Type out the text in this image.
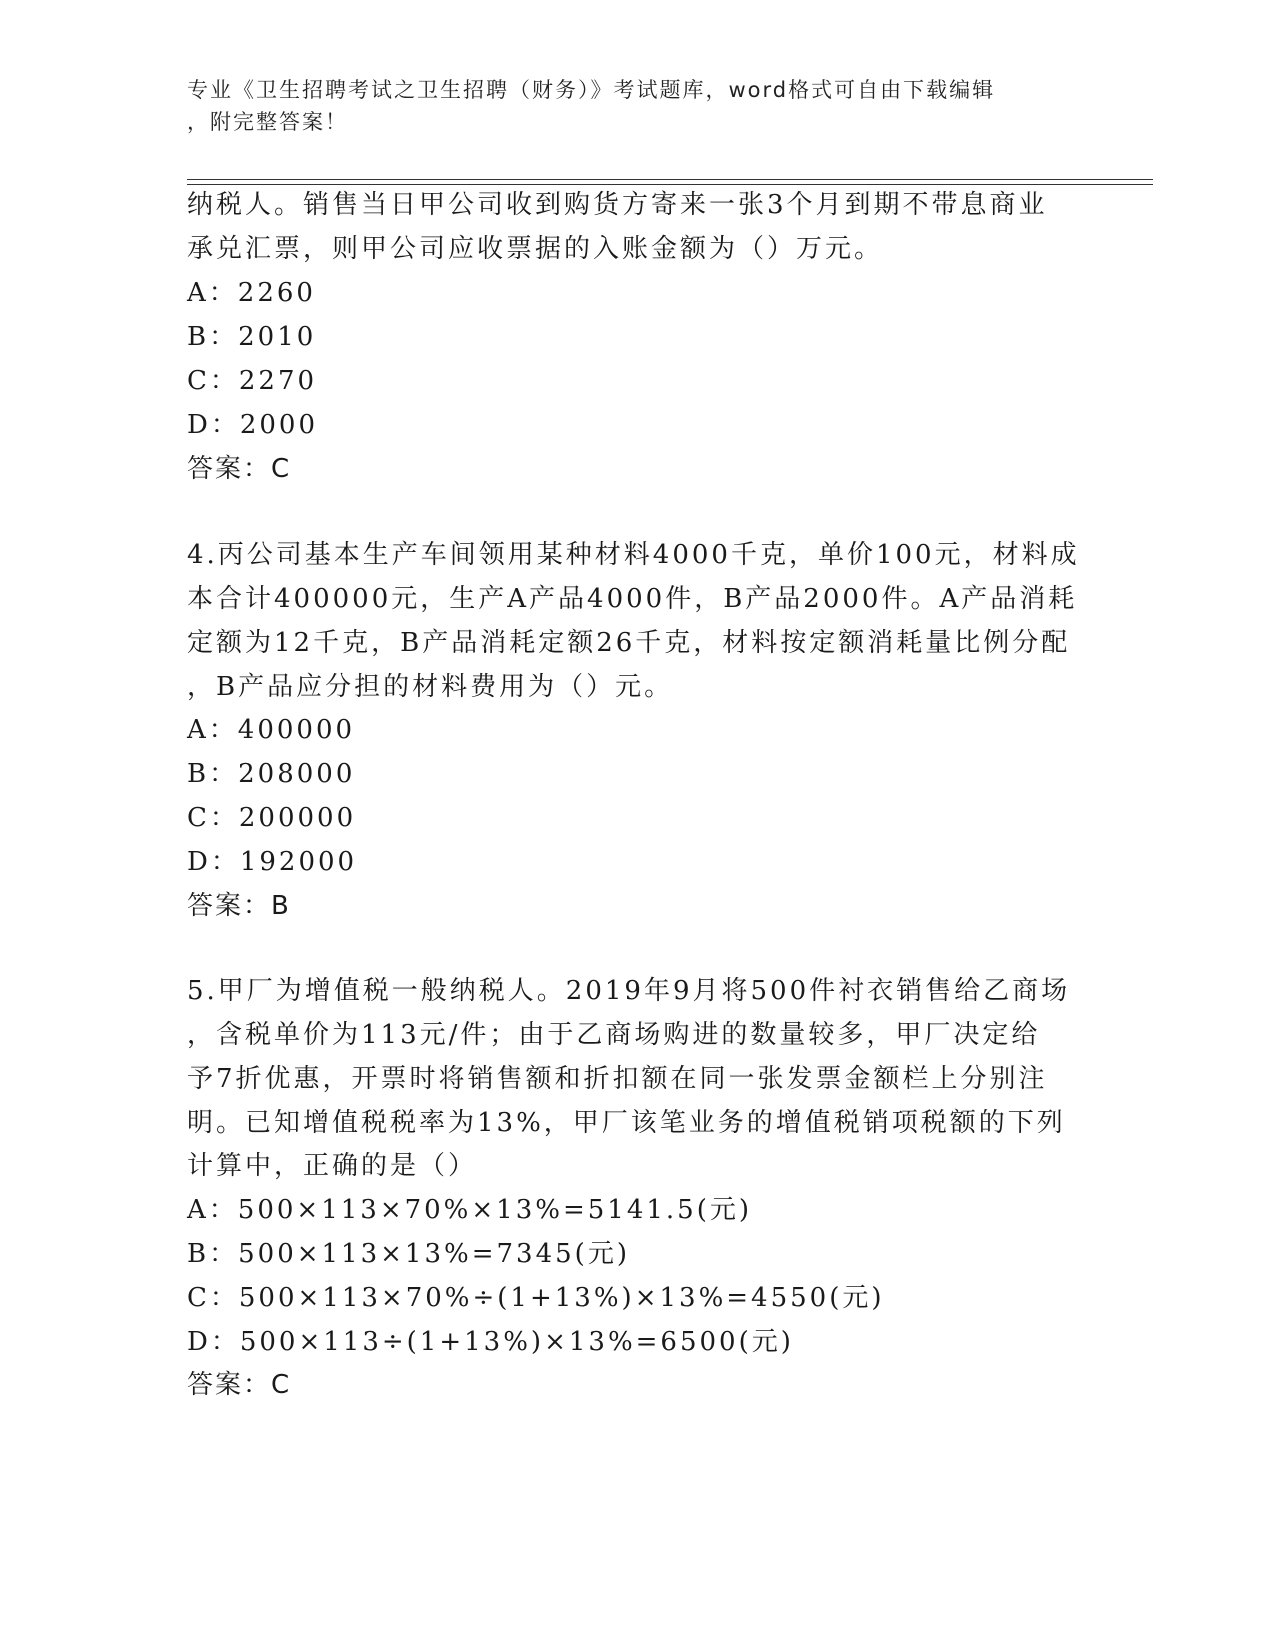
专业《卫生招聘考试之卫生招聘（财务）》考试题库，word格式可自由下载编辑
，附完整答案！
纳税人。销售当日甲公司收到购货方寄来一张3个月到期不带息商业
承兑汇票，则甲公司应收票据的入账金额为（）万元。
A：2260
B：2010
C：2270
D：2000
答案：C
4.丙公司基本生产车间领用某种材料4000千克，单价100元，材料成
本合计400000元，生产A产品4000件，B产品2000件。A产品消耗
定额为12千克，B产品消耗定额26千克，材料按定额消耗量比例分配
，B产品应分担的材料费用为（）元。
A：400000
B：208000
C：200000
D：192000
答案：B
5.甲厂为增值税一般纳税人。2019年9月将500件衬衣销售给乙商场
，含税单价为113元/件；由于乙商场购进的数量较多，甲厂决定给
予7折优惠，开票时将销售额和折扣额在同一张发票金额栏上分别注
明。已知增值税税率为13%，甲厂该笔业务的增值税销项税额的下列
计算中，正确的是（）
A：500×113×70%×13%=5141.5(元)
B：500×113×13%=7345(元)
C：500×113×70%÷(1+13%)×13%=4550(元)
D：500×113÷(1+13%)×13%=6500(元)
答案：C
